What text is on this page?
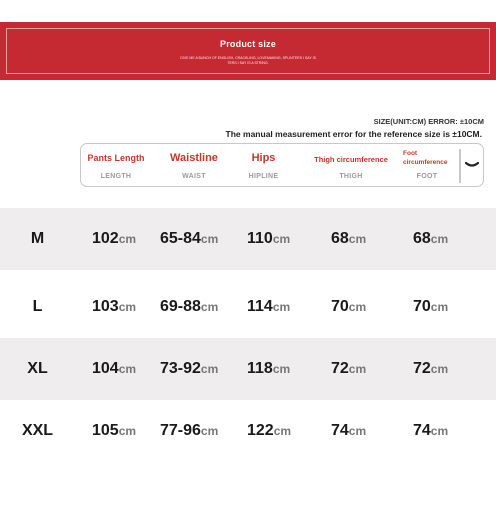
Product size
GIVE ME A BUNCH OF ENGLISH, CRACKLING, LOVEMAKING, SPLINTERS I SAY IS
TERS I SAY IS A STRING.
SIZE(UNIT:CM) ERROR: ±10CM
The manual measurement error for the reference size is ±10CM.
Pants Length
LENGTH
Waistline
WAIST
Hips
HIPLINE
Thigh circumference
THIGH
Foot
circumference
FOOT
M	102cm 65-84cm 110cm	68cm	68cm
L	103cm 69-88cm 114cm	70cm	70cm
XL	104cm 73-92cm 118cm	72cm	72cm
XXL	105cm 77-96cm 122cm 74cm	74cm
